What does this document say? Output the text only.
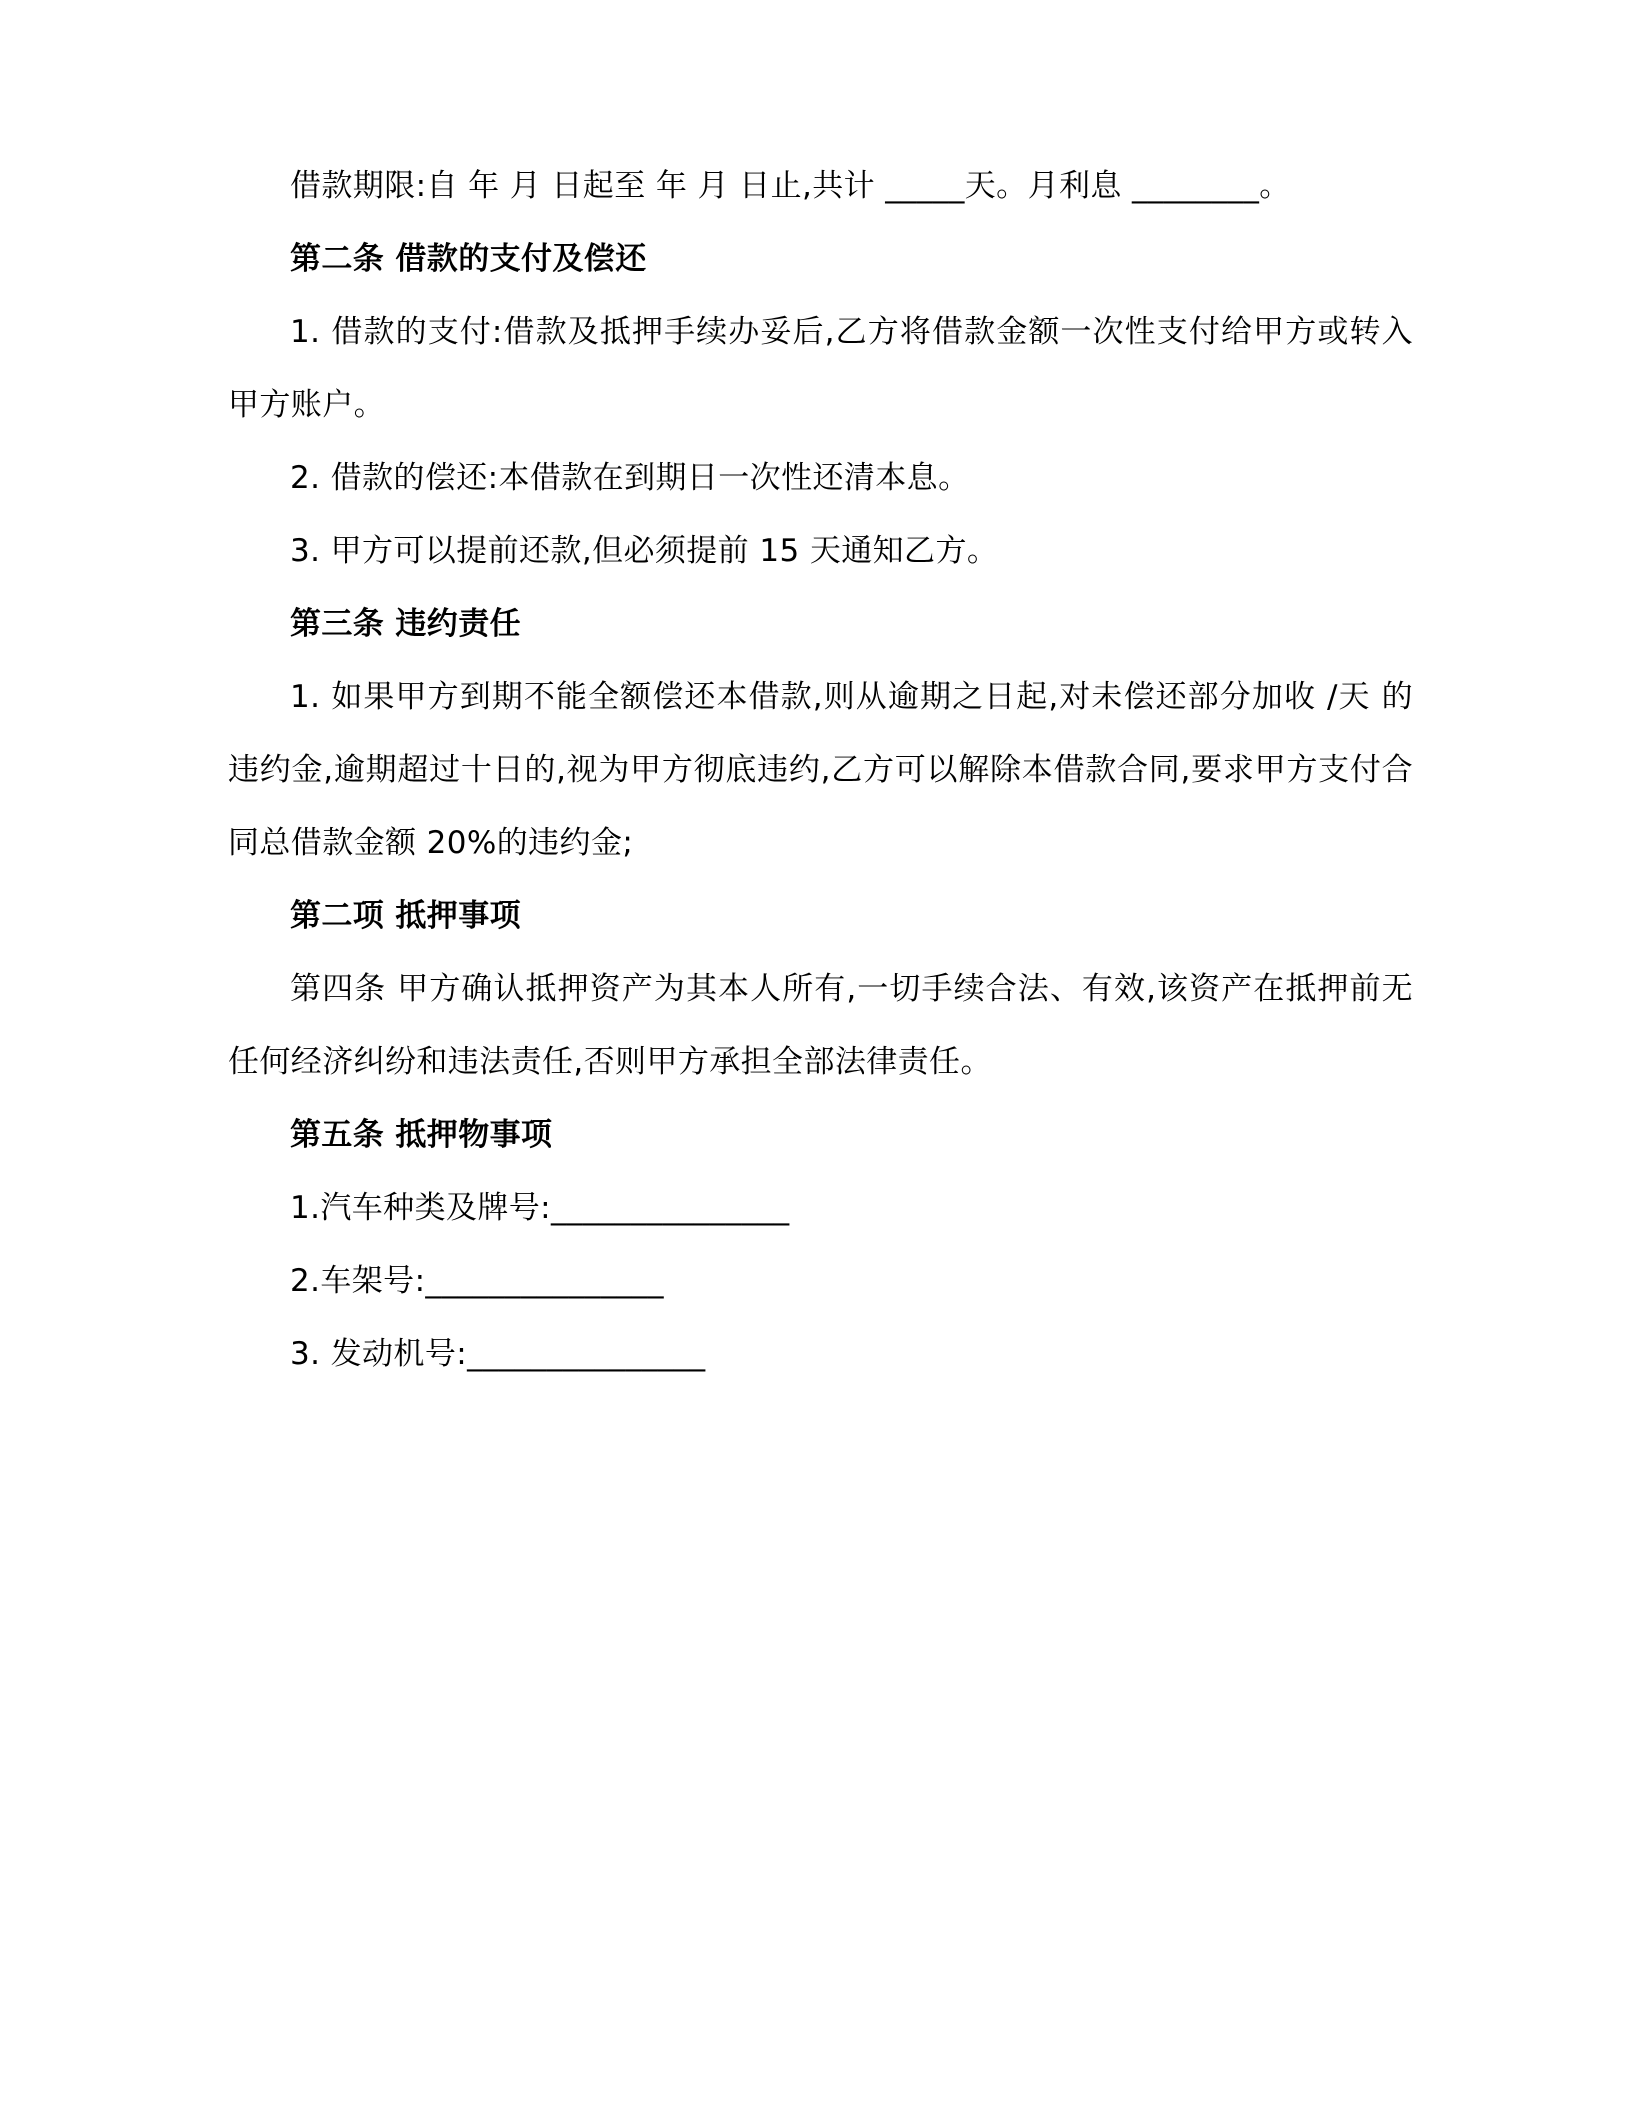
借款期限:自 年 月 日起至 年 月 日止,共计 _____天。月利息 ________。

第二条 借款的支付及偿还

1. 借款的支付:借款及抵押手续办妥后,乙方将借款金额一次性支付给甲方或转入甲方账户。

2. 借款的偿还:本借款在到期日一次性还清本息。

3. 甲方可以提前还款,但必须提前 15 天通知乙方。

第三条 违约责任

1. 如果甲方到期不能全额偿还本借款,则从逾期之日起,对未偿还部分加收 /天 的违约金,逾期超过十日的,视为甲方彻底违约,乙方可以解除本借款合同,要求甲方支付合同总借款金额 20%的违约金;

第二项 抵押事项

第四条 甲方确认抵押资产为其本人所有,一切手续合法、有效,该资产在抵押前无任何经济纠纷和违法责任,否则甲方承担全部法律责任。

第五条 抵押物事项

1.汽车种类及牌号:_______________

2.车架号:_______________

3. 发动机号:_______________
